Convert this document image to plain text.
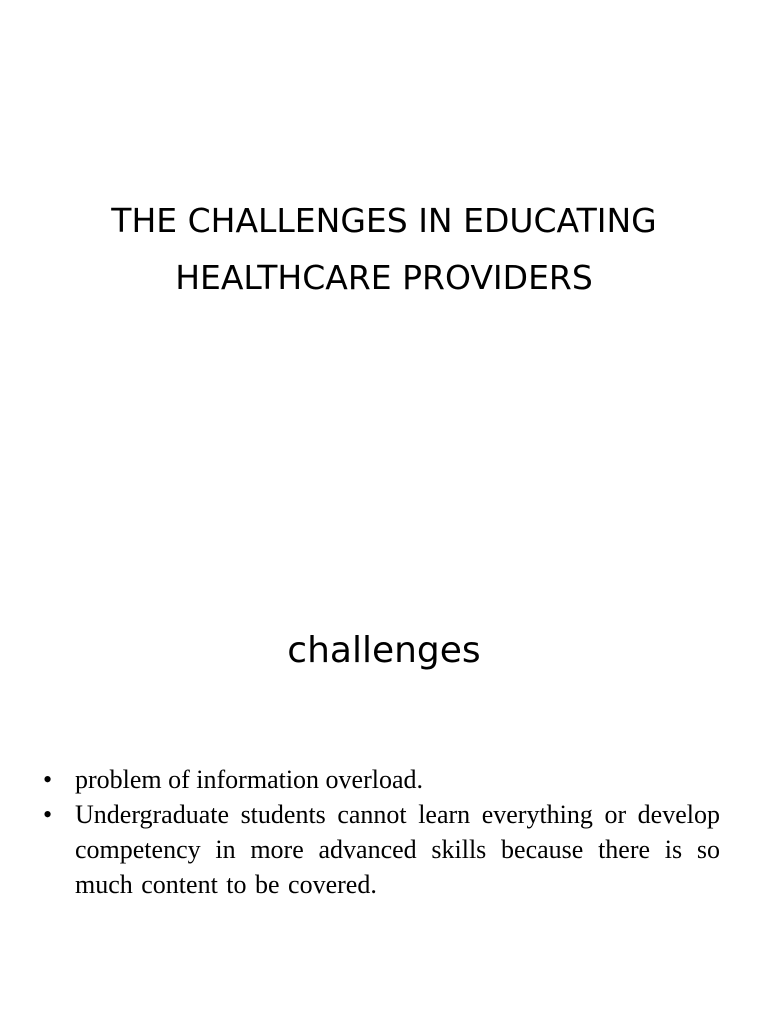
THE CHALLENGES IN EDUCATING
HEALTHCARE PROVIDERS
challenges
• problem of information overload.
• Undergraduate students cannot learn everything or develop competency in more advanced skills because there is so much content to be covered.
